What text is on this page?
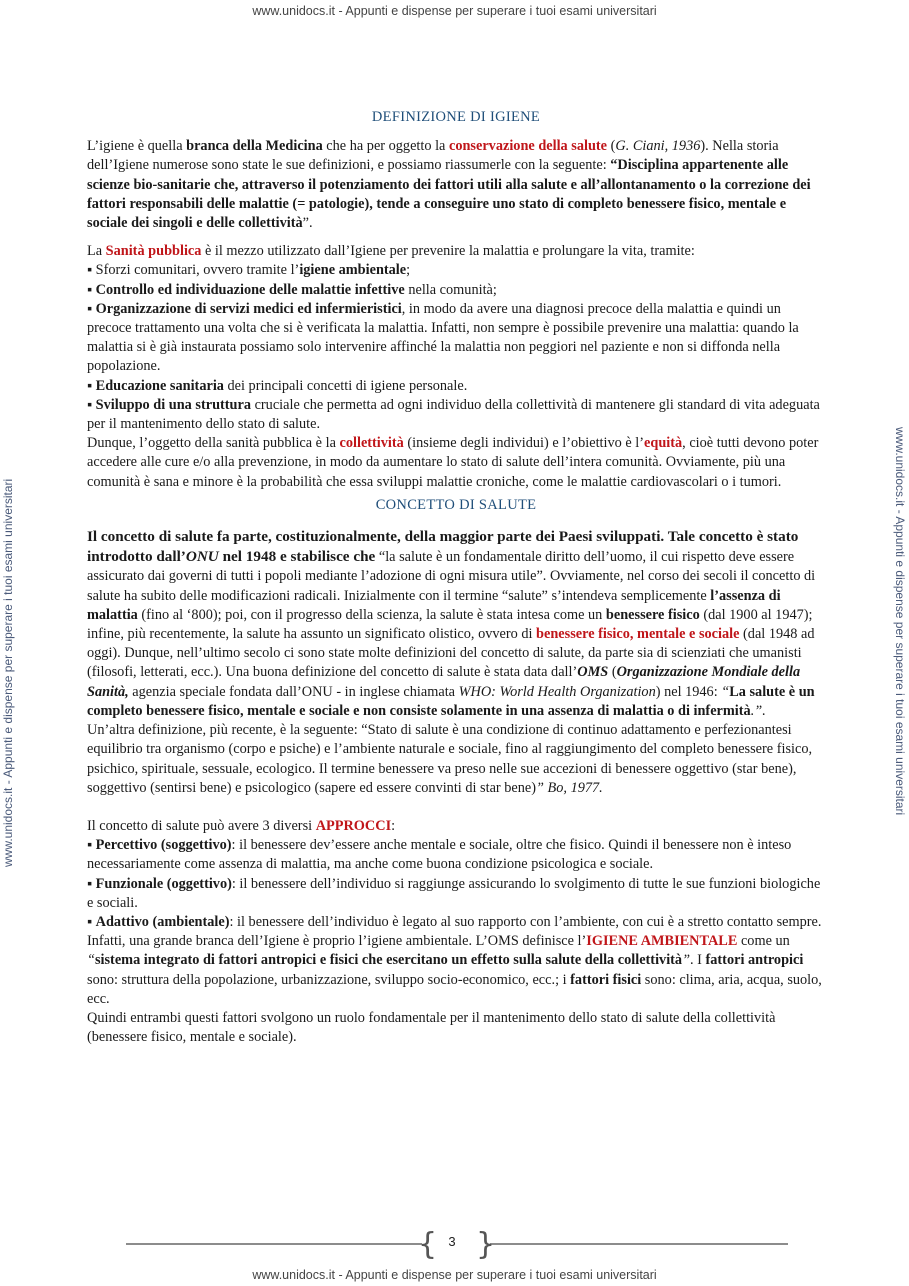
www.unidocs.it - Appunti e dispense per superare i tuoi esami universitari
www.unidocs.it - Appunti e dispense per superare i tuoi esami universitari	www.unidocs.it - Appunti e dispense per superare i tuoi esami universitari
DEFINIZIONE DI IGIENE

L’igiene è quella branca della Medicina che ha per oggetto la conservazione della salute (G. Ciani, 1936). Nella storia dell’Igiene numerose sono state le sue definizioni, e possiamo riassumerle con la seguente: “Disciplina appartenente alle scienze bio-sanitarie che, attraverso il potenziamento dei fattori utili alla salute e all’allontanamento o la correzione dei fattori responsabili delle malattie (= patologie), tende a conseguire uno stato di completo benessere fisico, mentale e sociale dei singoli e delle collettività”.

La Sanità pubblica è il mezzo utilizzato dall’Igiene per prevenire la malattia e prolungare la vita, tramite:

▪ Sforzi comunitari, ovvero tramite l’igiene ambientale;

▪ Controllo ed individuazione delle malattie infettive nella comunità;

▪ Organizzazione di servizi medici ed infermieristici, in modo da avere una diagnosi precoce della malattia e quindi un precoce trattamento una volta che si è verificata la malattia. Infatti, non sempre è possibile prevenire una malattia: quando la malattia si è già instaurata possiamo solo intervenire affinché la malattia non peggiori nel paziente e non si diffonda nella popolazione.

▪ Educazione sanitaria dei principali concetti di igiene personale.

▪ Sviluppo di una struttura cruciale che permetta ad ogni individuo della collettività di mantenere gli standard di vita adeguata per il mantenimento dello stato di salute.

Dunque, l’oggetto della sanità pubblica è la collettività (insieme degli individui) e l’obiettivo è l’equità, cioè tutti devono poter accedere alle cure e/o alla prevenzione, in modo da aumentare lo stato di salute dell’intera comunità. Ovviamente, più una comunità è sana e minore è la probabilità che essa sviluppi malattie croniche, come le malattie cardiovascolari o i tumori.

CONCETTO DI SALUTE

Il concetto di salute fa parte, costituzionalmente, della maggior parte dei Paesi sviluppati. Tale concetto è stato introdotto dall’ONU nel 1948 e stabilisce che “la salute è un fondamentale diritto dell’uomo, il cui rispetto deve essere assicurato dai governi di tutti i popoli mediante l’adozione di ogni misura utile”. Ovviamente, nel corso dei secoli il concetto di salute ha subito delle modificazioni radicali. Inizialmente con il termine “salute” s’intendeva semplicemente l’assenza di malattia (fino al ‘800); poi, con il progresso della scienza, la salute è stata intesa come un benessere fisico (dal 1900 al 1947); infine, più recentemente, la salute ha assunto un significato olistico, ovvero di benessere fisico, mentale e sociale (dal 1948 ad oggi). Dunque, nell’ultimo secolo ci sono state molte definizioni del concetto di salute, da parte sia di scienziati che umanisti (filosofi, letterati, ecc.). Una buona definizione del concetto di salute è stata data dall’OMS (Organizzazione Mondiale della Sanità, agenzia speciale fondata dall’ONU - in inglese chiamata WHO: World Health Organization) nel 1946: “La salute è un completo benessere fisico, mentale e sociale e non consiste solamente in una assenza di malattia o di infermità.”.

Un’altra definizione, più recente, è la seguente: “Stato di salute è una condizione di continuo adattamento e perfezionantesi equilibrio tra organismo (corpo e psiche) e l’ambiente naturale e sociale, fino al raggiungimento del completo benessere fisico, psichico, spirituale, sessuale, ecologico. Il termine benessere va preso nelle sue accezioni di benessere oggettivo (star bene), soggettivo (sentirsi bene) e psicologico (sapere ed essere convinti di star bene)” Bo, 1977.

Il concetto di salute può avere 3 diversi APPROCCI:

▪ Percettivo (soggettivo): il benessere dev’essere anche mentale e sociale, oltre che fisico. Quindi il benessere non è inteso necessariamente come assenza di malattia, ma anche come buona condizione psicologica e sociale.

▪ Funzionale (oggettivo): il benessere dell’individuo si raggiunge assicurando lo svolgimento di tutte le sue funzioni biologiche e sociali.

▪ Adattivo (ambientale): il benessere dell’individuo è legato al suo rapporto con l’ambiente, con cui è a stretto contatto sempre. Infatti, una grande branca dell’Igiene è proprio l’igiene ambientale. L’OMS definisce l’IGIENE AMBIENTALE come un “sistema integrato di fattori antropici e fisici che esercitano un effetto sulla salute della collettività”. I fattori antropici sono: struttura della popolazione, urbanizzazione, sviluppo socio-economico, ecc.; i fattori fisici sono: clima, aria, acqua, suolo, ecc.

Quindi entrambi questi fattori svolgono un ruolo fondamentale per il mantenimento dello stato di salute della collettività (benessere fisico, mentale e sociale).

{ }
3
www.unidocs.it - Appunti e dispense per superare i tuoi esami universitari
